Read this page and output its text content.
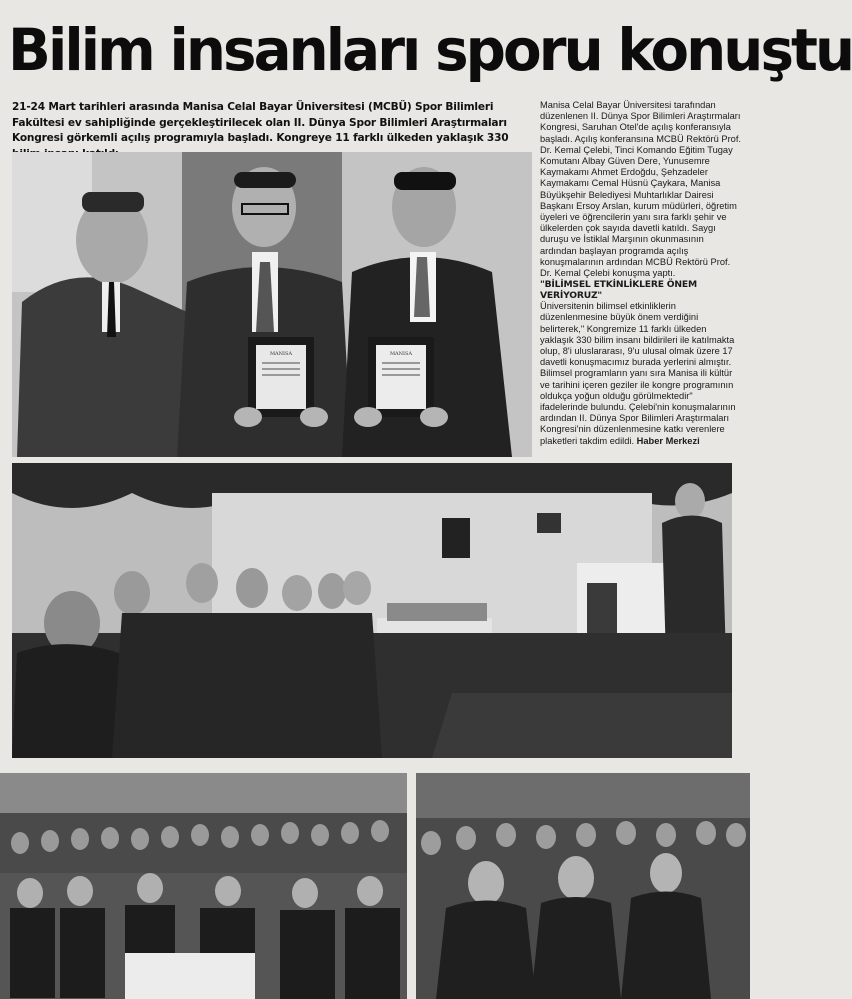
Bilim insanları sporu konuştu

21-24 Mart tarihleri arasında Manisa Celal Bayar Üniversitesi (MCBÜ) Spor Bilimleri Fakültesi ev sahipliğinde gerçekleştirilecek olan II. Dünya Spor Bilimleri Araştırmaları Kongresi görkemli açılış programıyla başladı. Kongreye 11 farklı ülkeden yaklaşık 330

MANISA	MANISA

Manisa Celal Bayar Üniversitesi tarafından düzenlenen II. Dünya Spor Bilimleri Araştırmaları Kongresi, Saruhan Otel'de açılış konferansıyla başladı. Açılış konferansına MCBÜ Rektörü Prof. Dr. Kemal Çelebi, Tinci Komando Eğitim Tugay Komutanı Albay Güven Dere, Yunusemre Kaymakamı Ahmet Erdoğdu, Şehzadeler Kaymakamı Cemal Hüsnü Çaykara, Manisa Büyükşehir Belediyesi Muhtarlıklar Dairesi Başkanı Ersoy Arslan, kurum müdürleri, öğretim üyeleri ve öğrencilerin yanı sıra farklı şehir ve ülkelerden çok sayıda davetli katıldı. Saygı duruşu ve İstiklal Marşının okunmasının ardından başlayan programda açılış konuşmalarının ardından MCBÜ Rektörü Prof. Dr. Kemal Çelebi konuşma yaptı.

"BİLİMSEL ETKİNLİKLERE ÖNEM VERİYORUZ"

Üniversitenin bilimsel etkinliklerin düzenlenmesine büyük önem verdiğini belirterek," Kongremize 11 farklı ülkeden yaklaşık 330 bilim insanı bildirileri ile katılmakta olup, 8'i uluslararası, 9'u ulusal olmak üzere 17 davetli konuşmacımız burada yerlerini almıştır. Bilimsel programların yanı sıra Manisa ili kültür ve tarihini içeren geziler ile kongre programının oldukça yoğun olduğu görülmektedir" ifadelerinde bulundu. Çelebi'nin konuşmalarının ardından II. Dünya Spor Bilimleri Araştırmaları Kongresi'nin düzenlenmesine katkı verenlere plaketleri takdim edildi. Haber Merkezi
